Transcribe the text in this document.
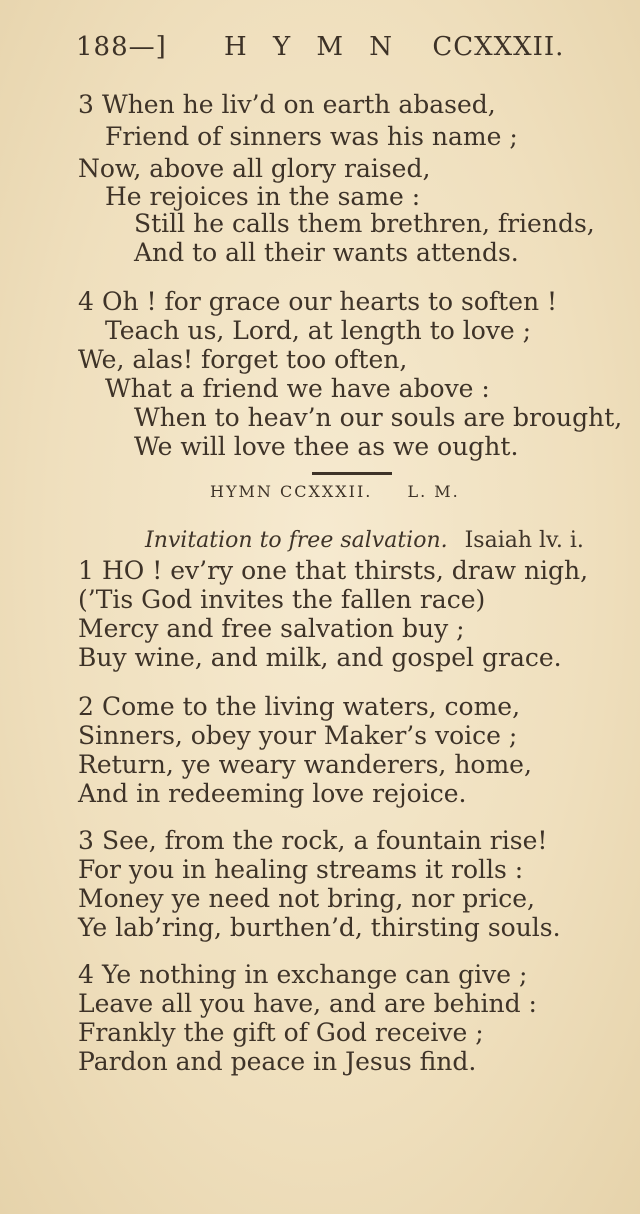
188—] H Y M N CCXXXII.
3 When he liv’d on earth abased,
Friend of sinners was his name ;
Now, above all glory raised,
He rejoices in the same :
Still he calls them brethren, friends,
And to all their wants attends.
4 Oh ! for grace our hearts to soften !
Teach us, Lord, at length to love ;
We, alas! forget too often,
What a friend we have above :
When to heav’n our souls are brought,
We will love thee as we ought.
HYMN CCXXXII. L. M.
Invitation to free salvation. Isaiah lv. i.
1 HO ! ev’ry one that thirsts, draw nigh,
(’Tis God invites the fallen race)
Mercy and free salvation buy ;
Buy wine, and milk, and gospel grace.
2 Come to the living waters, come,
Sinners, obey your Maker’s voice ;
Return, ye weary wanderers, home,
And in redeeming love rejoice.
3 See, from the rock, a fountain rise!
For you in healing streams it rolls :
Money ye need not bring, nor price,
Ye lab’ring, burthen’d, thirsting souls.
4 Ye nothing in exchange can give ;
Leave all you have, and are behind :
Frankly the gift of God receive ;
Pardon and peace in Jesus find.
